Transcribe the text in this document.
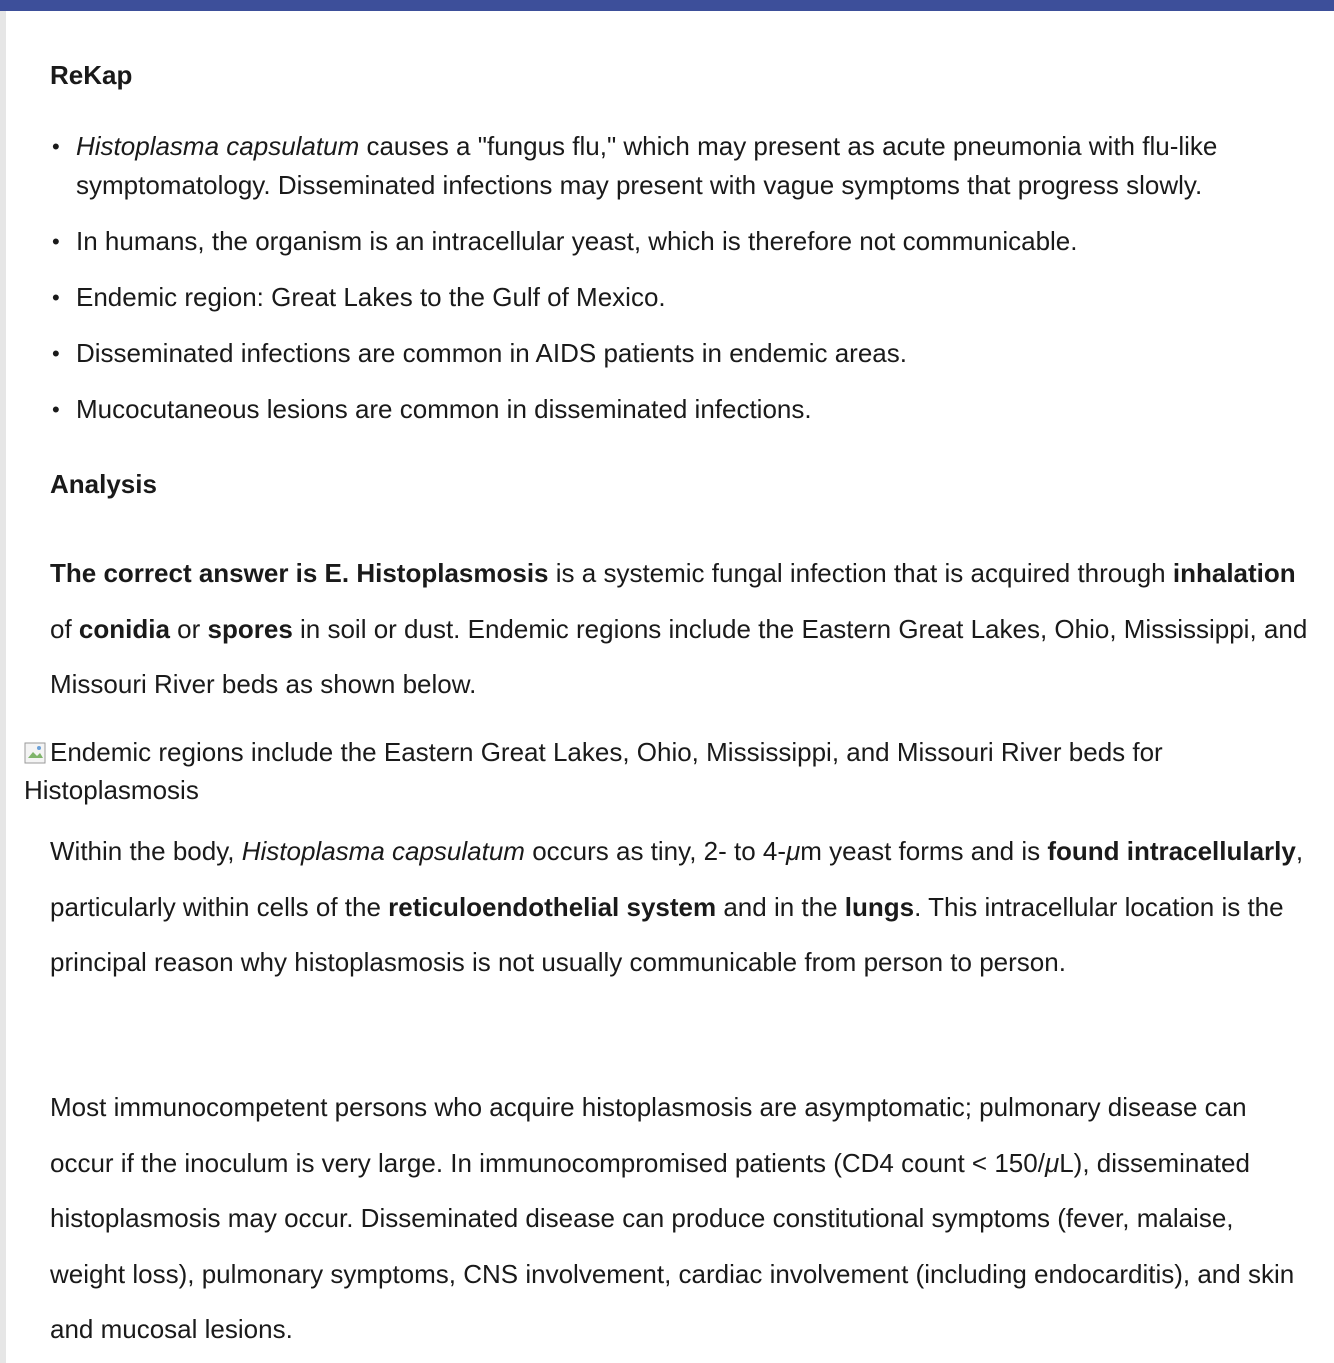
ReKap
• Histoplasma capsulatum causes a "fungus flu," which may present as acute pneumonia with flu-like symptomatology. Disseminated infections may present with vague symptoms that progress slowly.
• In humans, the organism is an intracellular yeast, which is therefore not communicable.
• Endemic region: Great Lakes to the Gulf of Mexico.
• Disseminated infections are common in AIDS patients in endemic areas.
• Mucocutaneous lesions are common in disseminated infections.
Analysis

The correct answer is E. Histoplasmosis is a systemic fungal infection that is acquired through inhalation of conidia or spores in soil or dust. Endemic regions include the Eastern Great Lakes, Ohio, Mississippi, and Missouri River beds as shown below.

Endemic regions include the Eastern Great Lakes, Ohio, Mississippi, and Missouri River beds for Histoplasmosis

Within the body, Histoplasma capsulatum occurs as tiny, 2- to 4-μm yeast forms and is found intracellularly, particularly within cells of the reticuloendothelial system and in the lungs. This intracellular location is the principal reason why histoplasmosis is not usually communicable from person to person.

Most immunocompetent persons who acquire histoplasmosis are asymptomatic; pulmonary disease can occur if the inoculum is very large. In immunocompromised patients (CD4 count < 150/μL), disseminated histoplasmosis may occur. Disseminated disease can produce constitutional symptoms (fever, malaise, weight loss), pulmonary symptoms, CNS involvement, cardiac involvement (including endocarditis), and skin and mucosal lesions.
